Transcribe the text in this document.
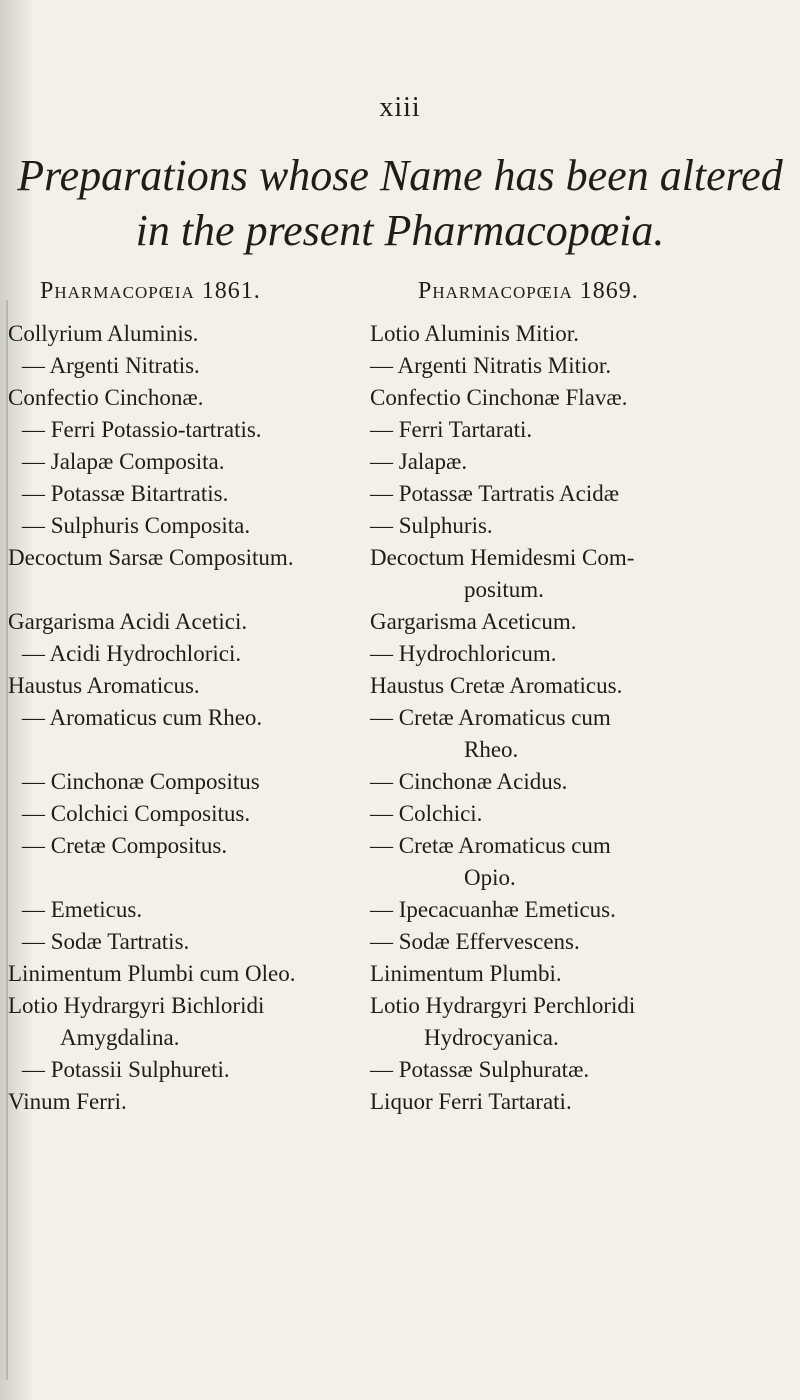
xiii
Preparations whose Name has been altered
in the present Pharmacopœia.
Pharmacopœia 1861.	Pharmacopœia 1869.
Collyrium Aluminis.	Lotio Aluminis Mitior.
— Argenti Nitratis.	— Argenti Nitratis Mitior.
Confectio Cinchonæ.	Confectio Cinchonæ Flavæ.
— Ferri Potassio-tartratis.	— Ferri Tartarati.
— Jalapæ Composita.	— Jalapæ.
— Potassæ Bitartratis.	— Potassæ Tartratis Acidæ
— Sulphuris Composita.	— Sulphuris.
Decoctum Sarsæ Compositum.	Decoctum Hemidesmi Com-
positum.
Gargarisma Acidi Acetici.	Gargarisma Aceticum.
— Acidi Hydrochlorici.	— Hydrochloricum.
Haustus Aromaticus.	Haustus Cretæ Aromaticus.
— Aromaticus cum Rheo.	— Cretæ Aromaticus cum
Rheo.
— Cinchonæ Compositus	— Cinchonæ Acidus.
— Colchici Compositus.	— Colchici.
— Cretæ Compositus.	— Cretæ Aromaticus cum
Opio.
— Emeticus.	— Ipecacuanhæ Emeticus.
— Sodæ Tartratis.	— Sodæ Effervescens.
Linimentum Plumbi cum Oleo.	Linimentum Plumbi.
Lotio Hydrargyri Bichloridi	Lotio Hydrargyri Perchloridi
Amygdalina.	Hydrocyanica.
— Potassii Sulphureti.	— Potassæ Sulphuratæ.
Vinum Ferri.	Liquor Ferri Tartarati.
